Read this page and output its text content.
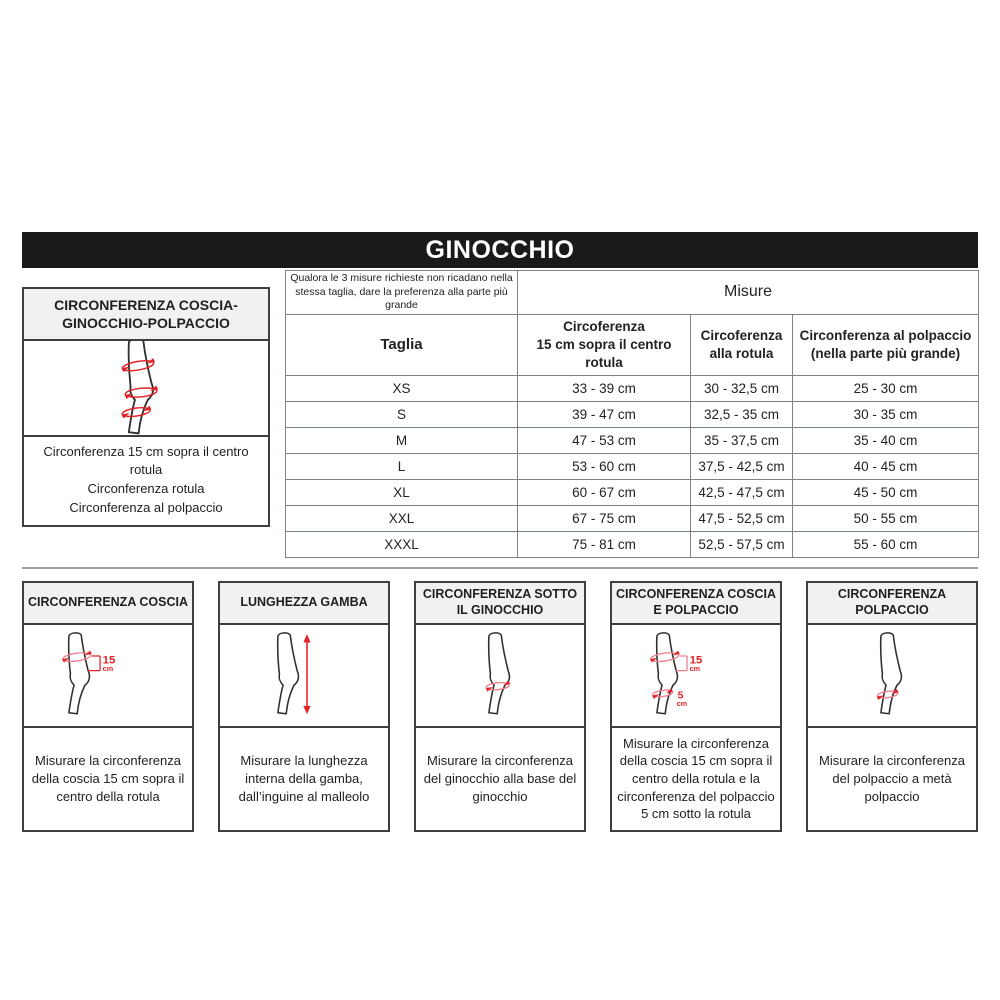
GINOCCHIO
CIRCONFERENZA COSCIA-GINOCCHIO-POLPACCIO
Circonferenza 15 cm sopra il centro rotula
Circonferenza rotula
Circonferenza al polpaccio
Qualora le 3 misure richieste non ricadano nella
stessa taglia, dare la preferenza alla parte più grande	Misure		
Taglia	Circoferenza
15 cm sopra il centro
rotula	Circoferenza
alla rotula	Circonferenza al polpaccio
(nella parte più grande)

XS	33 - 39 cm	30 - 32,5 cm	25 - 30 cm
S	39 - 47 cm	32,5 - 35 cm	30 - 35 cm
M	47 - 53 cm	35 - 37,5 cm	35 - 40 cm
L	53 - 60 cm	37,5 - 42,5 cm	40 - 45 cm
XL	60 - 67 cm	42,5 - 47,5 cm	45 - 50 cm
XXL	67 - 75 cm	47,5 - 52,5 cm	50 - 55 cm
XXXL	75 - 81 cm	52,5 - 57,5 cm	55 - 60 cm
CIRCONFERENZA COSCIA
15
cm
Misurare la circonferenza della coscia 15 cm sopra il centro della rotula
LUNGHEZZA GAMBA
Misurare la lunghezza interna della gamba, dall’inguine al malleolo
CIRCONFERENZA SOTTO IL GINOCCHIO
Misurare la circonferenza del ginocchio alla base del ginocchio
CIRCONFERENZA COSCIA E POLPACCIO
15
cm
5
cm
Misurare la circonferenza della coscia 15 cm sopra il centro della rotula e la circonferenza del polpaccio 5 cm sotto la rotula
CIRCONFERENZA POLPACCIO
Misurare la circonferenza del polpaccio a metà polpaccio
